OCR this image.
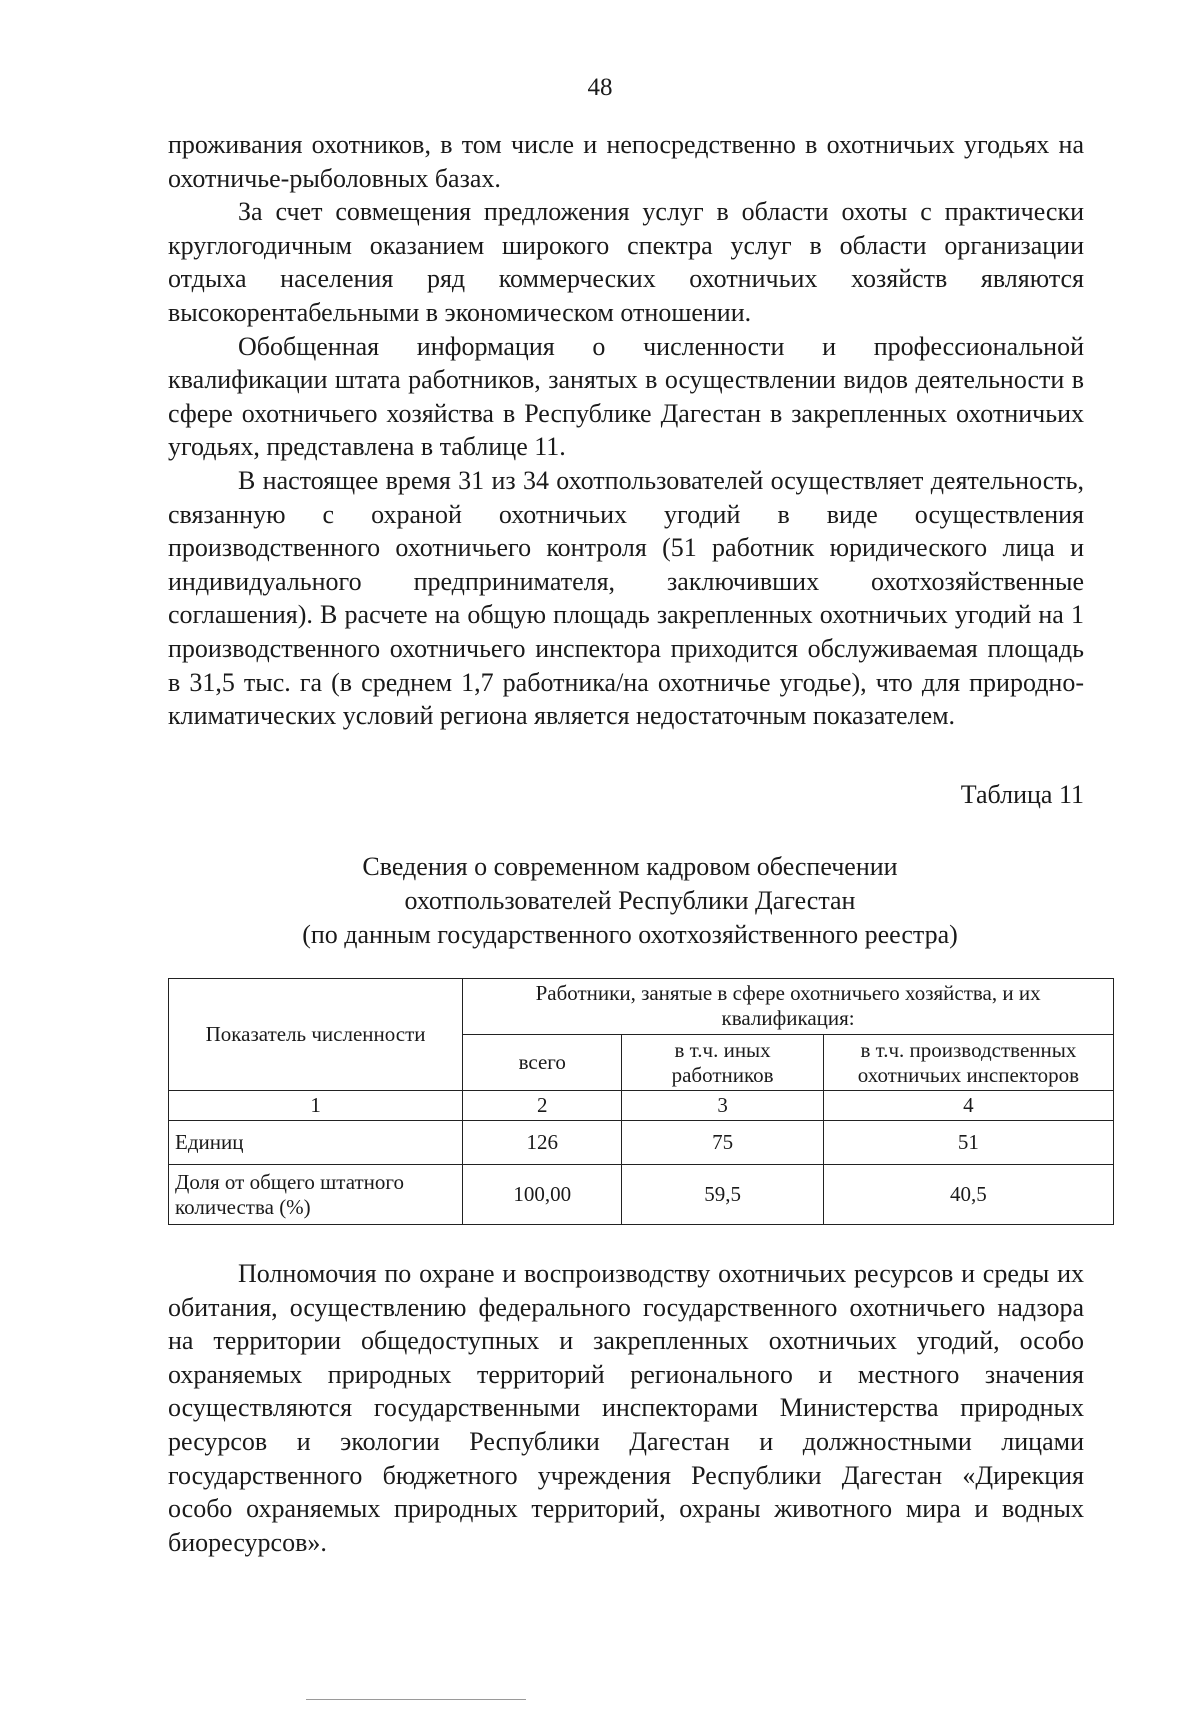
48

проживания охотников, в том числе и непосредственно в охотничьих угодьях на охотничье-рыболовных базах.

За счет совмещения предложения услуг в области охоты с практически круглогодичным оказанием широкого спектра услуг в области организации отдыха населения ряд коммерческих охотничьих хозяйств являются высокорентабельными в экономическом отношении.

Обобщенная информация о численности и профессиональной квалификации штата работников, занятых в осуществлении видов деятельности в сфере охотничьего хозяйства в Республике Дагестан в закрепленных охотничьих угодьях, представлена в таблице 11.

В настоящее время 31 из 34 охотпользователей осуществляет деятельность, связанную с охраной охотничьих угодий в виде осуществления производственного охотничьего контроля (51 работник юридического лица и индивидуального предпринимателя, заключивших охотхозяйственные соглашения). В расчете на общую площадь закрепленных охотничьих угодий на 1 производственного охотничьего инспектора приходится обслуживаемая площадь в 31,5 тыс. га (в среднем 1,7 работника/на охотничье угодье), что для природно-климатических условий региона является недостаточным показателем.

Таблица 11
Сведения о современном кадровом обеспечении
охотпользователей Республики Дагестан
(по данным государственного охотхозяйственного реестра)
Показатель численности	Работники, занятые в сфере охотничьего хозяйства, и их квалификация:		
	всего	в т.ч. иных работников	в т.ч. производственных охотничьих инспекторов
1	2	3	4
Единиц	126	75	51
Доля от общего штатного количества (%)	100,00	59,5	40,5

Полномочия по охране и воспроизводству охотничьих ресурсов и среды их обитания, осуществлению федерального государственного охотничьего надзора на территории общедоступных и закрепленных охотничьих угодий, особо охраняемых природных территорий регионального и местного значения осуществляются государственными инспекторами Министерства природных ресурсов и экологии Республики Дагестан и должностными лицами государственного бюджетного учреждения Республики Дагестан «Дирекция особо охраняемых природных территорий, охраны животного мира и водных биоресурсов».
